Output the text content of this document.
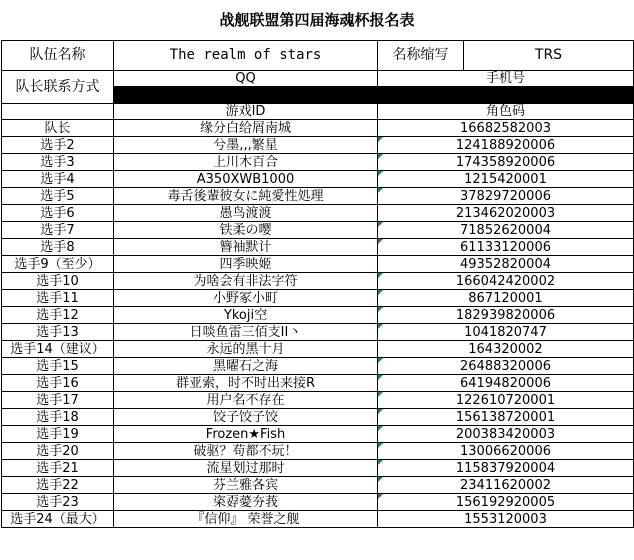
战舰联盟第四届海魂杯报名表
队伍名称	The realm of stars	名称缩写	TRS
队长联系方式	QQ	手机号	

	游戏ID	角色码	
队长	缘分白给屑南城	16682582003	
选手2	兮墨‚‚‚繁星	124188920006	
选手3	上川木百合	174358920006	
选手4	A350XWB1000	1215420001	
选手5	毒舌後輩彼女に純愛性処理	37829720006	
选手6	愚鸟渡渡	213462020003	
选手7	铁柔の嘤	71852620004	
选手8	簪袖默计	61133120006	
选手9（至少）	四季映姬	49352820004	
选手10	为啥会有非法字符	166042420002	
选手11	小野冢小町	867120001	
选手12	Ykoji空	182939820006	
选手13	日啖鱼雷三佰支II丶	1041820747	
选手14（建议）	永远的黑十月	164320002	
选手15	黑曜石之海	26488320006	
选手16	群亚索，时不时出来接R	64194820006	
选手17	用户名不存在	122610720001	
选手18	饺子饺子饺	156138720001	
选手19	Frozen★Fish	200383420003	
选手20	破驱？苟都不玩！	13006620006	
选手21	流星划过那时	115837920004	
选手22	芬兰雅各宾	23411620002	
选手23	栥孬薆夯莪	156192920005	
选手24（最大）	『信仰』 荣誉之舰	1553120003	
